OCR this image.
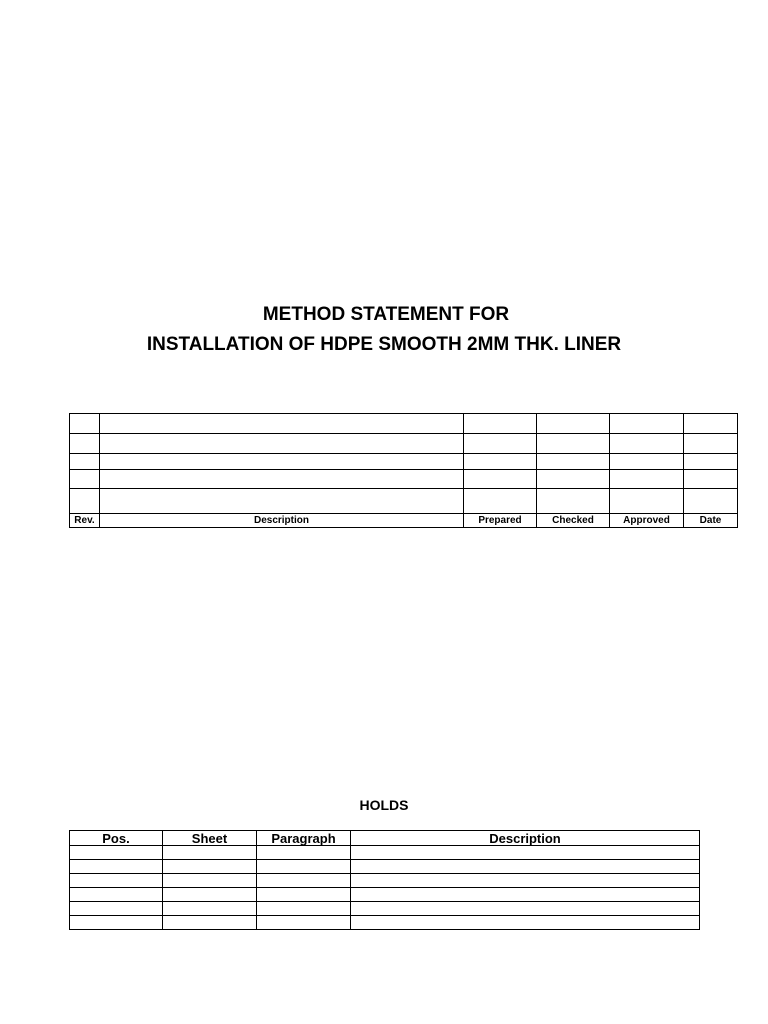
METHOD STATEMENT FOR
INSTALLATION OF HDPE SMOOTH 2MM THK. LINER

Rev.	Description	Prepared	Checked	Approved	Date
HOLDS
Pos.	Sheet	Paragraph	Description
